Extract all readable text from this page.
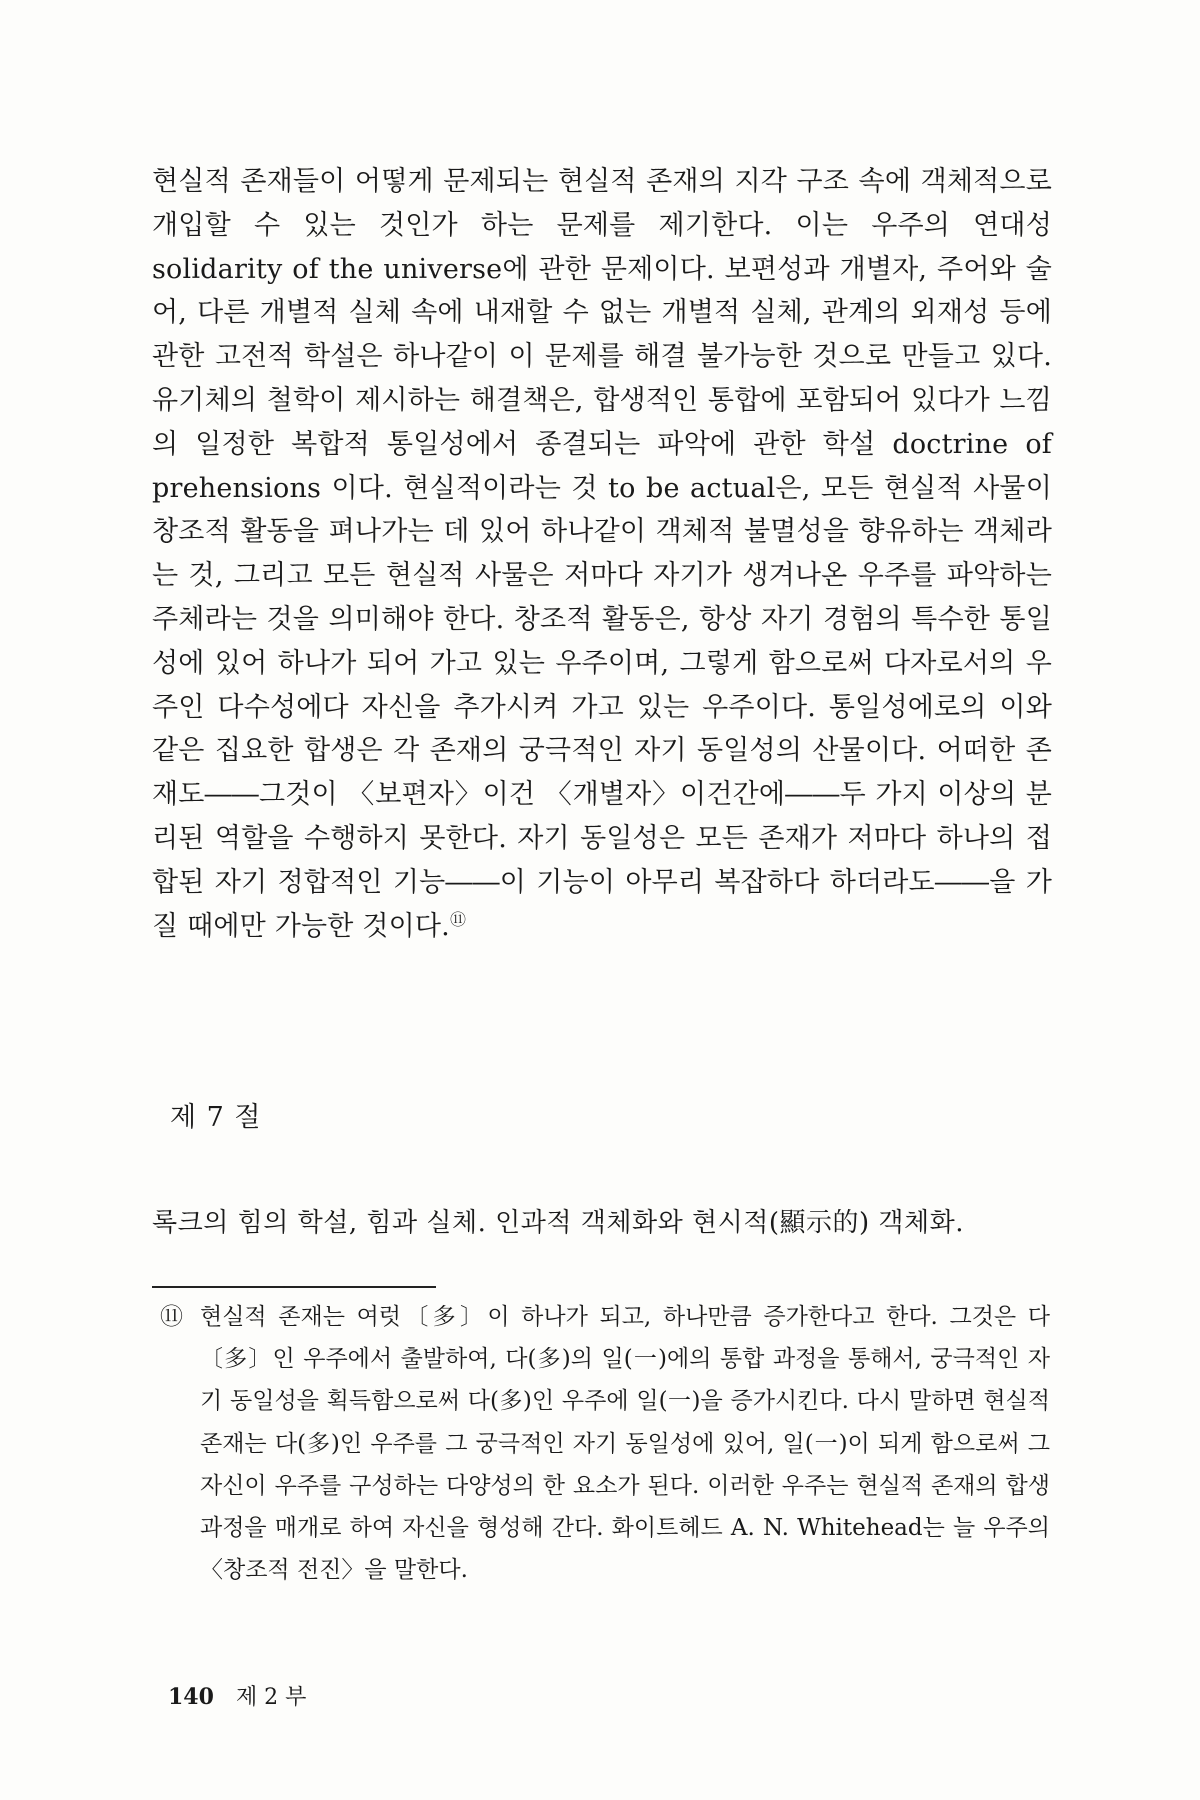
현실적 존재들이 어떻게 문제되는 현실적 존재의 지각 구조 속에 객체적으로 개입할 수 있는 것인가 하는 문제를 제기한다. 이는 우주의 연대성 solidarity of the universe에 관한 문제이다. 보편성과 개별자, 주어와 술어, 다른 개별적 실체 속에 내재할 수 없는 개별적 실체, 관계의 외재성 등에 관한 고전적 학설은 하나같이 이 문제를 해결 불가능한 것으로 만들고 있다. 유기체의 철학이 제시하는 해결책은, 합생적인 통합에 포함되어 있다가 느낌의 일정한 복합적 통일성에서 종결되는 파악에 관한 학설 doctrine of prehensions 이다. 현실적이라는 것 to be actual은, 모든 현실적 사물이 창조적 활동을 펴나가는 데 있어 하나같이 객체적 불멸성을 향유하는 객체라는 것, 그리고 모든 현실적 사물은 저마다 자기가 생겨나온 우주를 파악하는 주체라는 것을 의미해야 한다. 창조적 활동은, 항상 자기 경험의 특수한 통일성에 있어 하나가 되어 가고 있는 우주이며, 그렇게 함으로써 다자로서의 우주인 다수성에다 자신을 추가시켜 가고 있는 우주이다. 통일성에로의 이와 같은 집요한 합생은 각 존재의 궁극적인 자기 동일성의 산물이다. 어떠한 존재도――그것이 〈보편자〉이건 〈개별자〉이건간에――두 가지 이상의 분리된 역할을 수행하지 못한다. 자기 동일성은 모든 존재가 저마다 하나의 접합된 자기 정합적인 기능――이 기능이 아무리 복잡하다 하더라도――을 가질 때에만 가능한 것이다.⑪
제 7 절
록크의 힘의 학설, 힘과 실체. 인과적 객체화와 현시적(顯示的) 객체화.
⑪ 현실적 존재는 여럿〔多〕이 하나가 되고, 하나만큼 증가한다고 한다. 그것은 다〔多〕인 우주에서 출발하여, 다(多)의 일(一)에의 통합 과정을 통해서, 궁극적인 자기 동일성을 획득함으로써 다(多)인 우주에 일(一)을 증가시킨다. 다시 말하면 현실적 존재는 다(多)인 우주를 그 궁극적인 자기 동일성에 있어, 일(一)이 되게 함으로써 그 자신이 우주를 구성하는 다양성의 한 요소가 된다. 이러한 우주는 현실적 존재의 합생 과정을 매개로 하여 자신을 형성해 간다. 화이트헤드 A. N. Whitehead는 늘 우주의 〈창조적 전진〉을 말한다.
140 제 2 부
